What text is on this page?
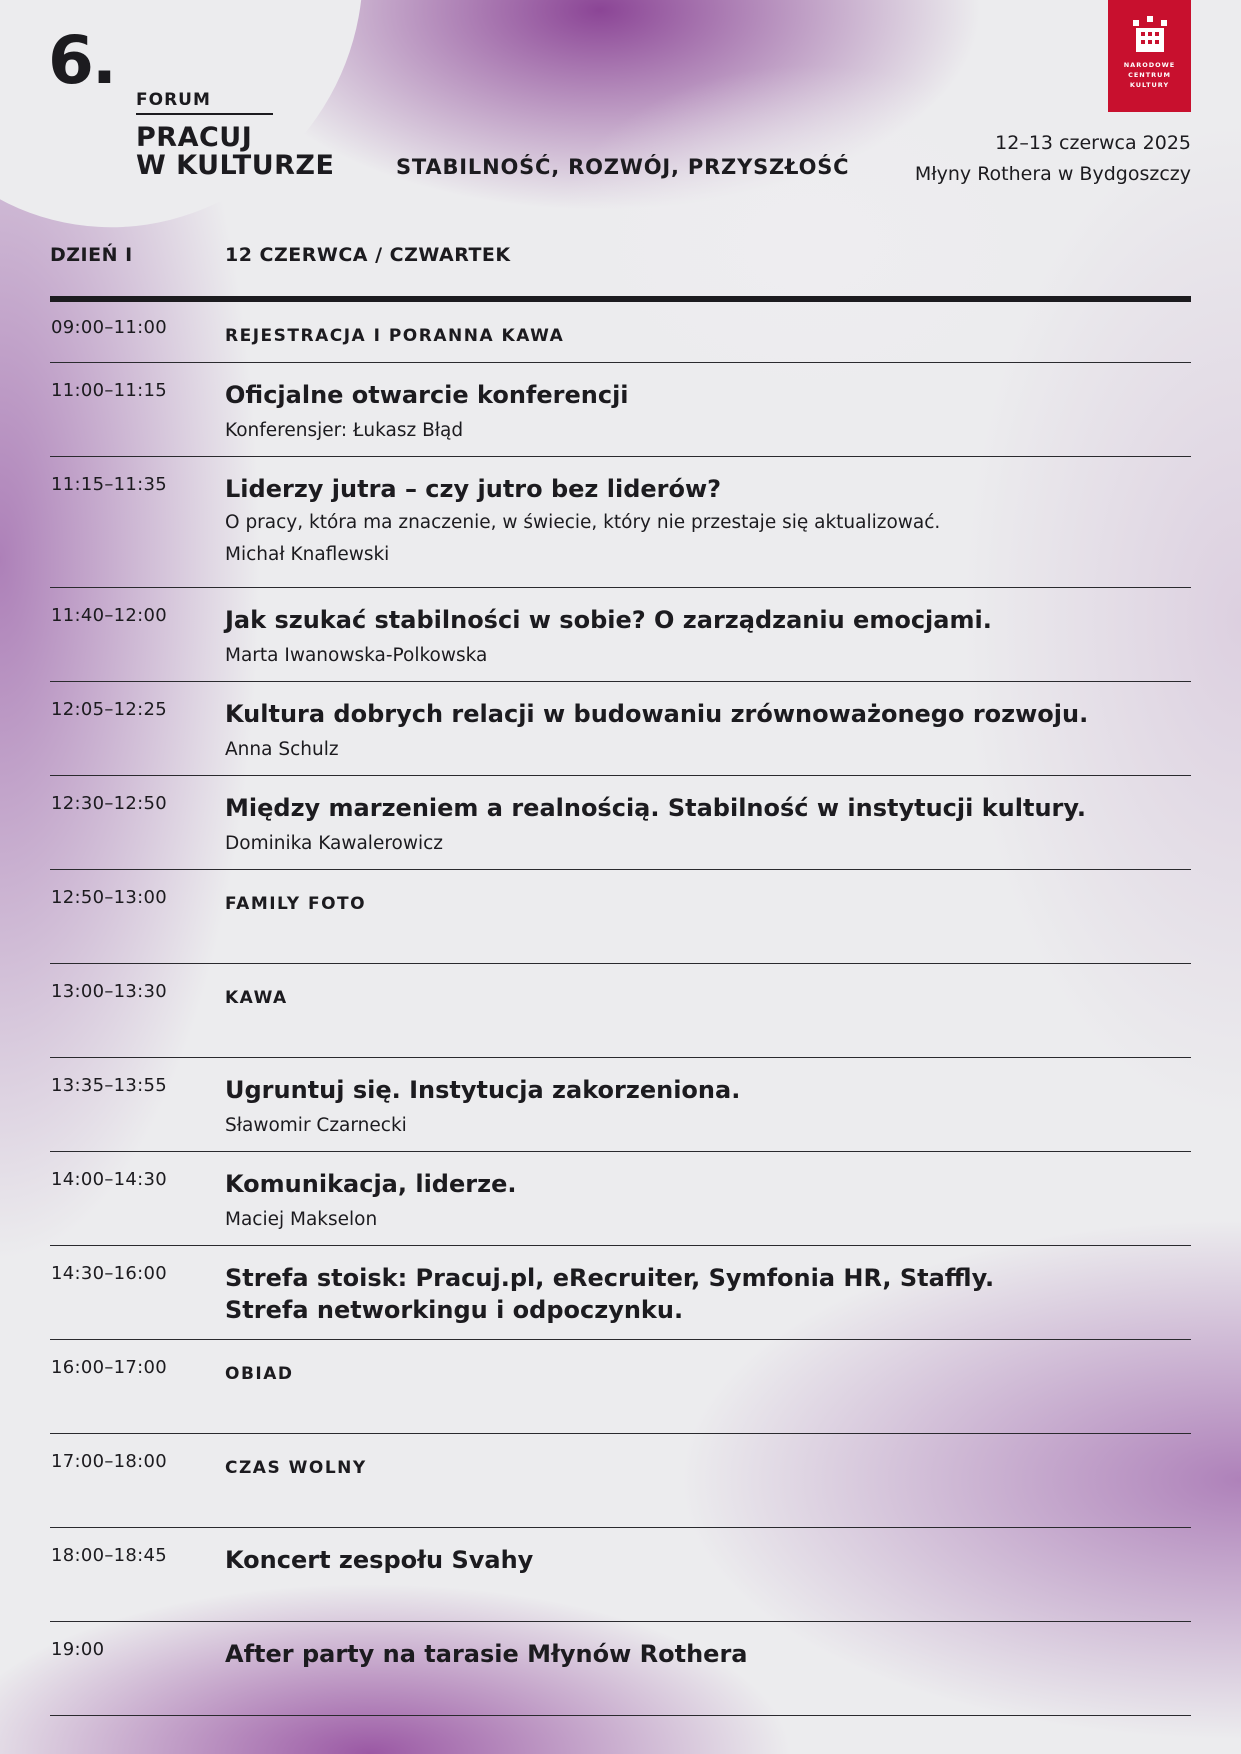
6.
FORUM
PRACUJ
W KULTURZE	STABILNOŚĆ, ROZWÓJ, PRZYSZŁOŚĆ
12–13 czerwca 2025
Młyny Rothera w Bydgoszczy
NARODOWE
CENTRUM
KULTURY
DZIEŃ I	12 CZERWCA / CZWARTEK
09:00–11:00	REJESTRACJA I PORANNA KAWA
11:00–11:15 Oficjalne otwarcie konferencji
Konferensjer: Łukasz Błąd
11:15–11:35 Liderzy jutra – czy jutro bez liderów?
O pracy, która ma znaczenie, w świecie, który nie przestaje się aktualizować.
Michał Knaflewski
11:40–12:00 Jak szukać stabilności w sobie? O zarządzaniu emocjami.
Marta Iwanowska-Polkowska
12:05–12:25 Kultura dobrych relacji w budowaniu zrównoważonego rozwoju.
Anna Schulz
12:30–12:50 Między marzeniem a realnością. Stabilność w instytucji kultury.
Dominika Kawalerowicz
12:50–13:00	FAMILY FOTO
13:00–13:30	KAWA
13:35–13:55 Ugruntuj się. Instytucja zakorzeniona.
Sławomir Czarnecki
14:00–14:30 Komunikacja, liderze.
Maciej Makselon
14:30–16:00 Strefa stoisk: Pracuj.pl, eRecruiter, Symfonia HR, Staffly.
Strefa networkingu i odpoczynku.
16:00–17:00	OBIAD
17:00–18:00	CZAS WOLNY
18:00–18:45 Koncert zespołu Svahy
19:00	After party na tarasie Młynów Rothera
